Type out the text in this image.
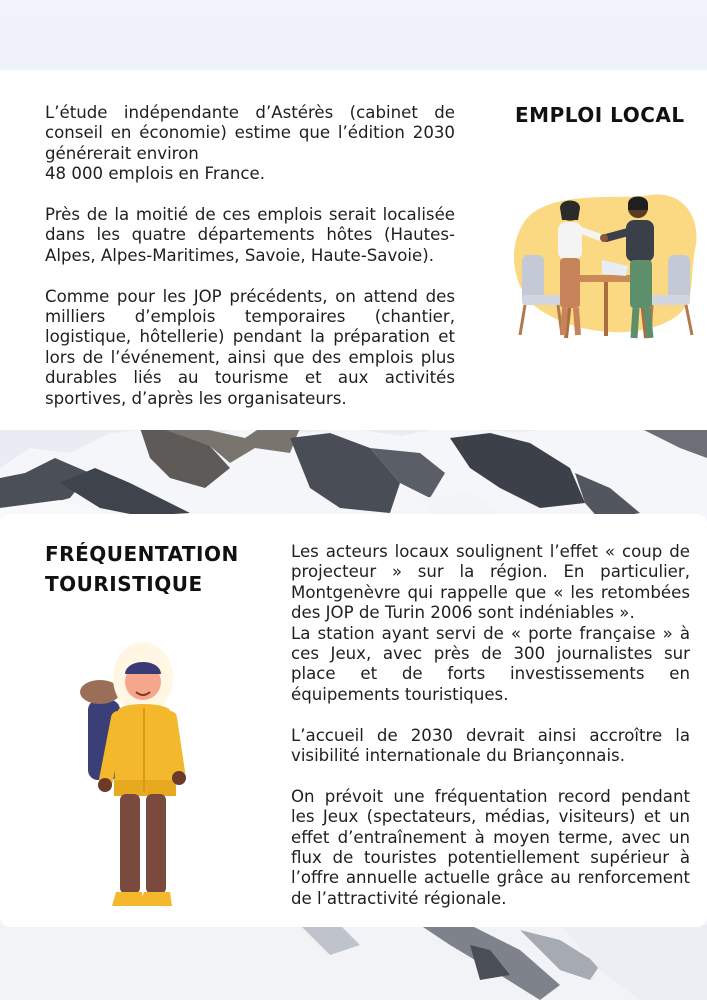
L’étude indépendante d’Astérès (cabinet de conseil en économie) estime que l’édition 2030 générerait environ
48 000 emplois en France.

Près de la moitié de ces emplois serait localisée dans les quatre départements hôtes (Hautes-Alpes, Alpes-Maritimes, Savoie, Haute-Savoie).

Comme pour les JOP précédents, on attend des milliers d’emplois temporaires (chantier, logistique, hôtellerie) pendant la préparation et lors de l’événement, ainsi que des emplois plus durables liés au tourisme et aux activités sportives, d’après les organisateurs.

EMPLOI LOCAL
FRÉQUENTATION
TOURISTIQUE

Les acteurs locaux soulignent l’effet « coup de projecteur » sur la région. En particulier, Montgenèvre qui rappelle que « les retombées des JOP de Turin 2006 sont indéniables ».
La station ayant servi de « porte française » à ces Jeux, avec près de 300 journalistes sur place et de forts investissements en équipements touristiques.

L’accueil de 2030 devrait ainsi accroître la visibilité internationale du Briançonnais.

On prévoit une fréquentation record pendant les Jeux (spectateurs, médias, visiteurs) et un effet d’entraînement à moyen terme, avec un flux de touristes potentiellement supérieur à l’offre annuelle actuelle grâce au renforcement de l’attractivité régionale.
